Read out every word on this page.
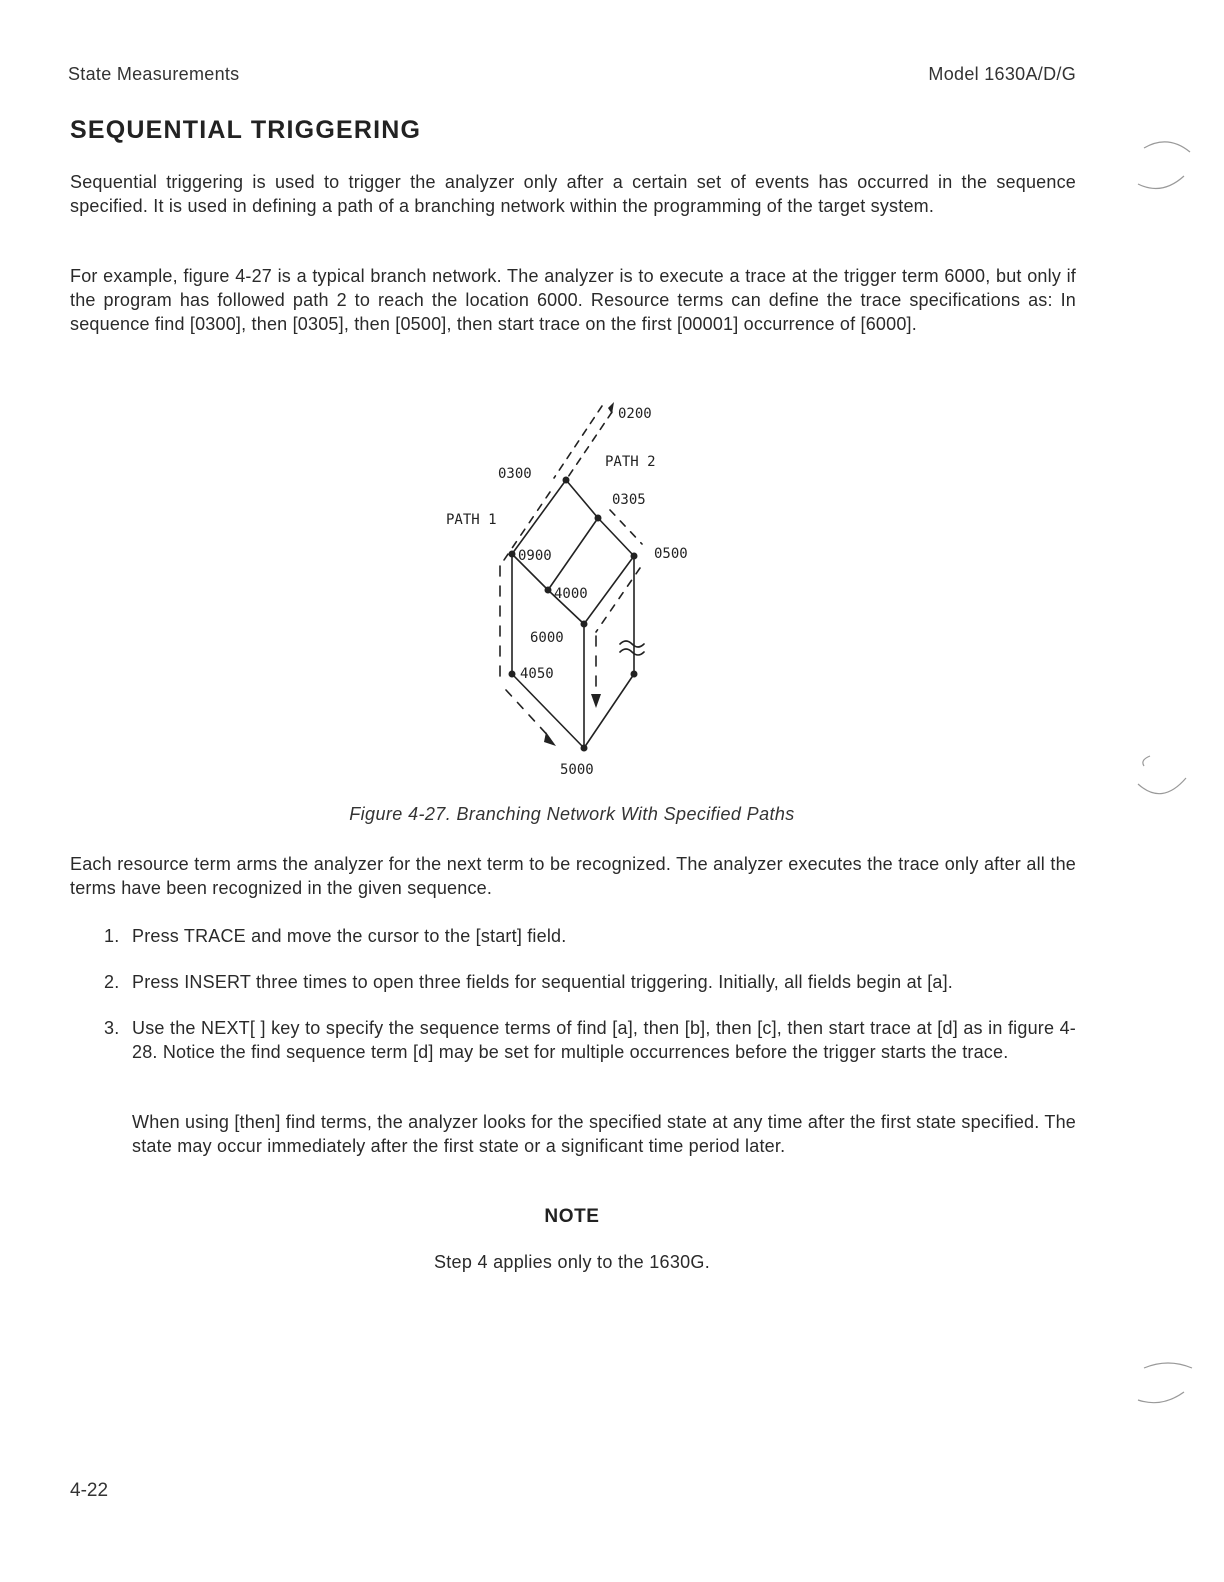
State Measurements	Model 1630A/D/G
SEQUENTIAL TRIGGERING
Sequential triggering is used to trigger the analyzer only after a certain set of events has occurred in the sequence specified. It is used in defining a path of a branching network within the programming of the target system.
For example, figure 4-27 is a typical branch network. The analyzer is to execute a trace at the trigger term 6000, but only if the program has followed path 2 to reach the location 6000. Resource terms can define the trace specifications as: In sequence find [0300], then [0305], then [0500], then start trace on the first [00001] occurrence of [6000].
0200
PATH 2
0300
0305
PATH 1
0900	0500
4000
6000
4050
5000
Figure 4-27. Branching Network With Specified Paths
Each resource term arms the analyzer for the next term to be recognized. The analyzer executes the trace only after all the terms have been recognized in the given sequence.
1. Press TRACE and move the cursor to the [start] field.
2. Press INSERT three times to open three fields for sequential triggering. Initially, all fields begin at [a].
3. Use the NEXT[ ] key to specify the sequence terms of find [a], then [b], then [c], then start trace at [d] as in figure 4-28. Notice the find sequence term [d] may be set for multiple occurrences before the trigger starts the trace.
When using [then] find terms, the analyzer looks for the specified state at any time after the first state specified. The state may occur immediately after the first state or a significant time period later.
NOTE
Step 4 applies only to the 1630G.
4-22
